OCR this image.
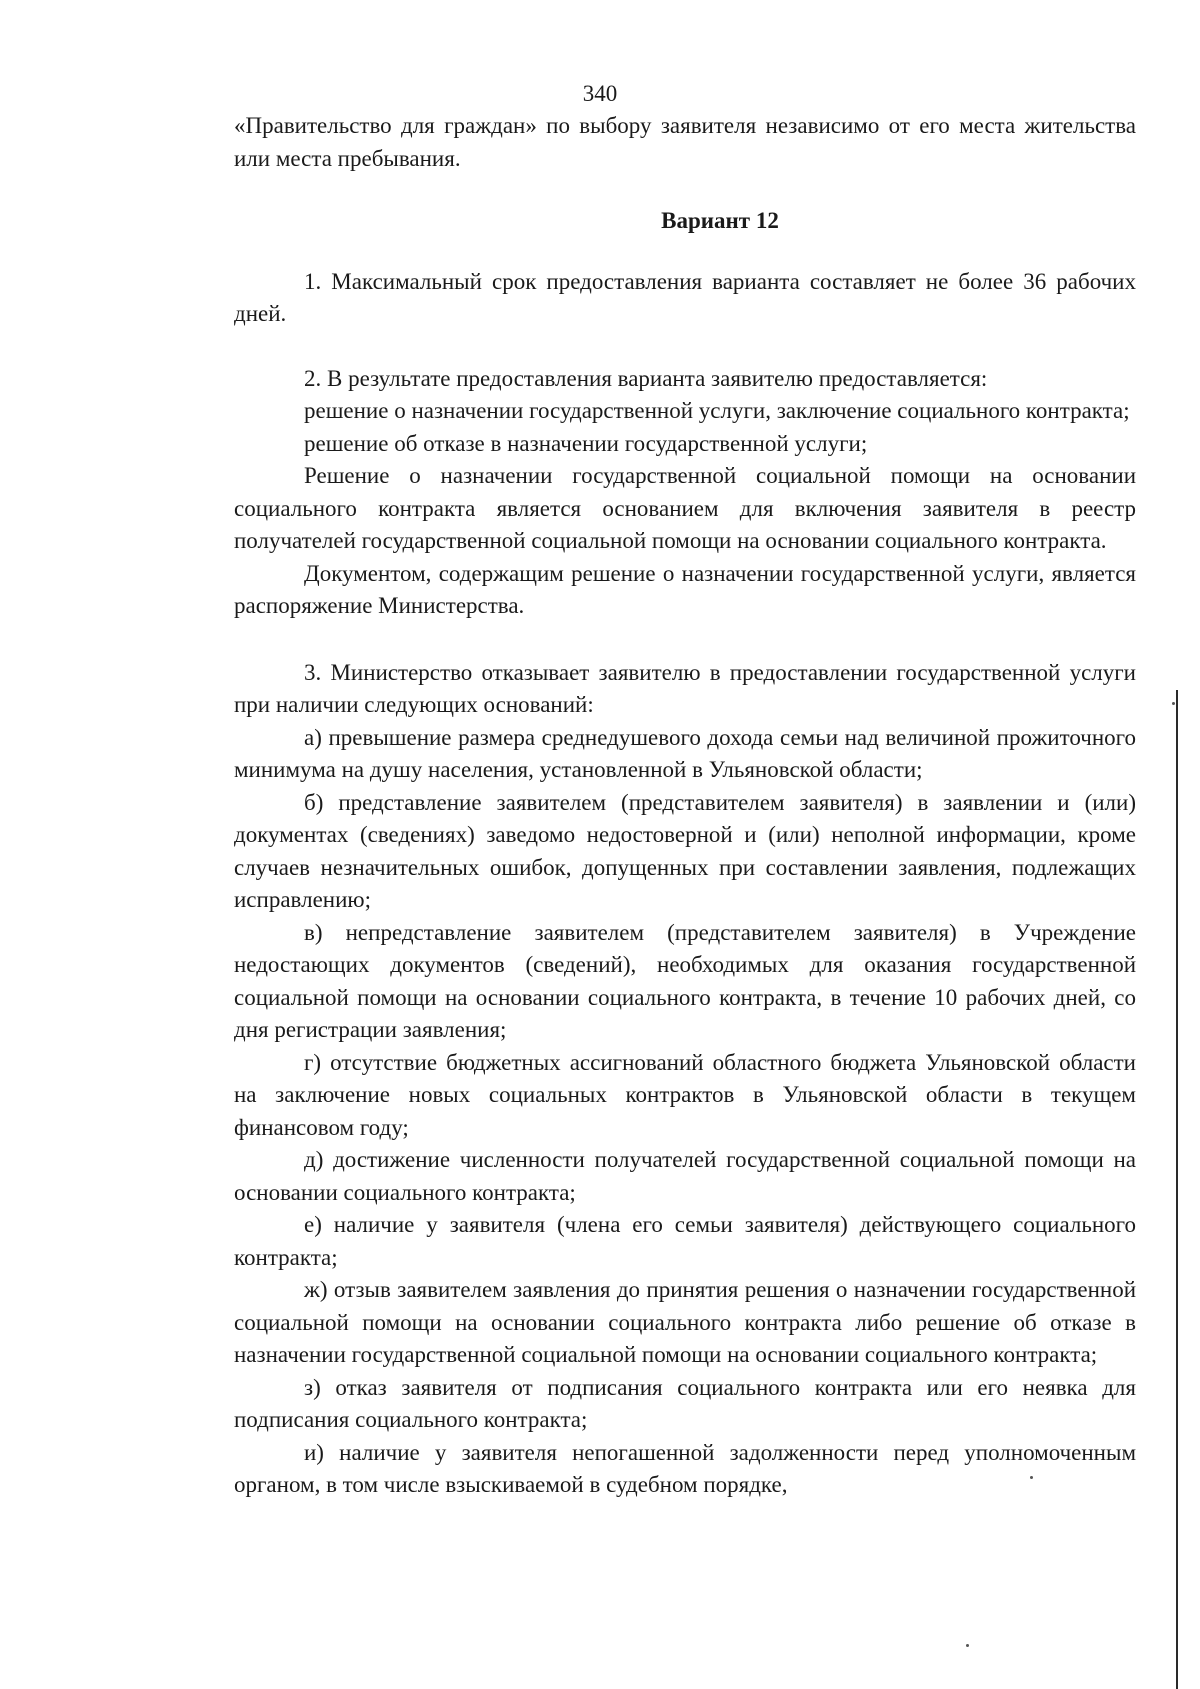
340

«Правительство для граждан» по выбору заявителя независимо от его места жительства или места пребывания.

Вариант 12

1. Максимальный срок предоставления варианта составляет не более 36 рабочих дней.

2. В результате предоставления варианта заявителю предоставляется:

решение о назначении государственной услуги, заключение социального контракта;

решение об отказе в назначении государственной услуги;

Решение о назначении государственной социальной помощи на основании социального контракта является основанием для включения заявителя в реестр получателей государственной социальной помощи на основании социального контракта.

Документом, содержащим решение о назначении государственной услуги, является распоряжение Министерства.

3. Министерство отказывает заявителю в предоставлении государственной услуги при наличии следующих оснований:

а) превышение размера среднедушевого дохода семьи над величиной прожиточного минимума на душу населения, установленной в Ульяновской области;

б) представление заявителем (представителем заявителя) в заявлении и (или) документах (сведениях) заведомо недостоверной и (или) неполной информации, кроме случаев незначительных ошибок, допущенных при составлении заявления, подлежащих исправлению;

в) непредставление заявителем (представителем заявителя) в Учреждение недостающих документов (сведений), необходимых для оказания государственной социальной помощи на основании социального контракта, в течение 10 рабочих дней, со дня регистрации заявления;

г) отсутствие бюджетных ассигнований областного бюджета Ульяновской области на заключение новых социальных контрактов в Ульяновской области в текущем финансовом году;

д) достижение численности получателей государственной социальной помощи на основании социального контракта;

е) наличие у заявителя (члена его семьи заявителя) действующего социального контракта;

ж) отзыв заявителем заявления до принятия решения о назначении государственной социальной помощи на основании социального контракта либо решение об отказе в назначении государственной социальной помощи на основании социального контракта;

з) отказ заявителя от подписания социального контракта или его неявка для подписания социального контракта;

и) наличие у заявителя непогашенной задолженности перед уполномоченным органом, в том числе взыскиваемой в судебном порядке,
